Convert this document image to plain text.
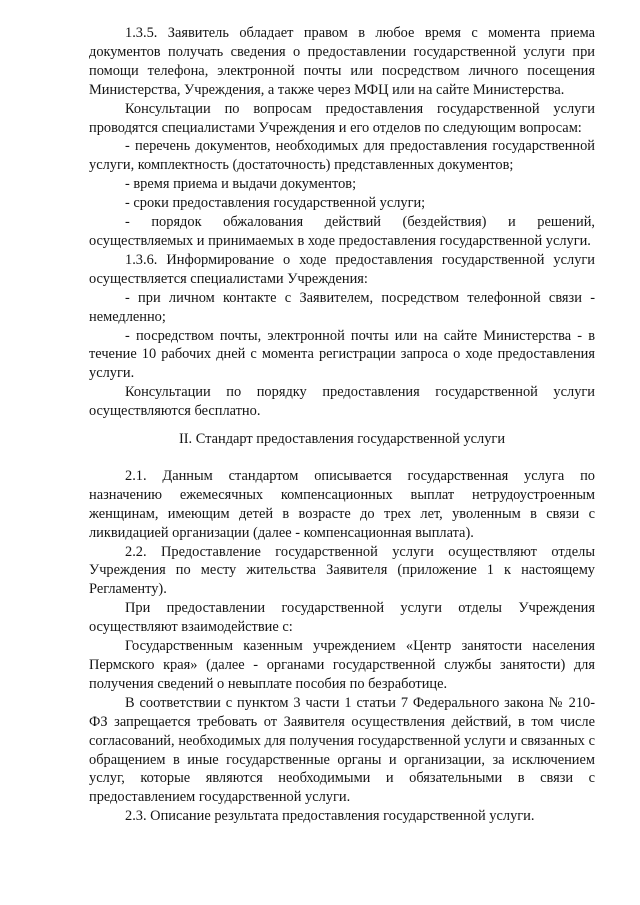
1.3.5. Заявитель обладает правом в любое время с момента приема документов получать сведения о предоставлении государственной услуги при помощи телефона, электронной почты или посредством личного посещения Министерства, Учреждения, а также через МФЦ или на сайте Министерства.

Консультации по вопросам предоставления государственной услуги проводятся специалистами Учреждения и его отделов по следующим вопросам:

- перечень документов, необходимых для предоставления государственной услуги, комплектность (достаточность) представленных документов;

- время приема и выдачи документов;

- сроки предоставления государственной услуги;

- порядок обжалования действий (бездействия) и решений, осуществляемых и принимаемых в ходе предоставления государственной услуги.

1.3.6. Информирование о ходе предоставления государственной услуги осуществляется специалистами Учреждения:

- при личном контакте с Заявителем, посредством телефонной связи - немедленно;

- посредством почты, электронной почты или на сайте Министерства - в течение 10 рабочих дней с момента регистрации запроса о ходе предоставления услуги.

Консультации по порядку предоставления государственной услуги осуществляются бесплатно.

II. Стандарт предоставления государственной услуги

2.1. Данным стандартом описывается государственная услуга по назначению ежемесячных компенсационных выплат нетрудоустроенным женщинам, имеющим детей в возрасте до трех лет, уволенным в связи с ликвидацией организации (далее - компенсационная выплата).

2.2. Предоставление государственной услуги осуществляют отделы Учреждения по месту жительства Заявителя (приложение 1 к настоящему Регламенту).

При предоставлении государственной услуги отделы Учреждения осуществляют взаимодействие с:

Государственным казенным учреждением «Центр занятости населения Пермского края» (далее - органами государственной службы занятости) для получения сведений о невыплате пособия по безработице.

В соответствии с пунктом 3 части 1 статьи 7 Федерального закона № 210-ФЗ запрещается требовать от Заявителя осуществления действий, в том числе согласований, необходимых для получения государственной услуги и связанных с обращением в иные государственные органы и организации, за исключением услуг, которые являются необходимыми и обязательными в связи с предоставлением государственной услуги.

2.3. Описание результата предоставления государственной услуги.
